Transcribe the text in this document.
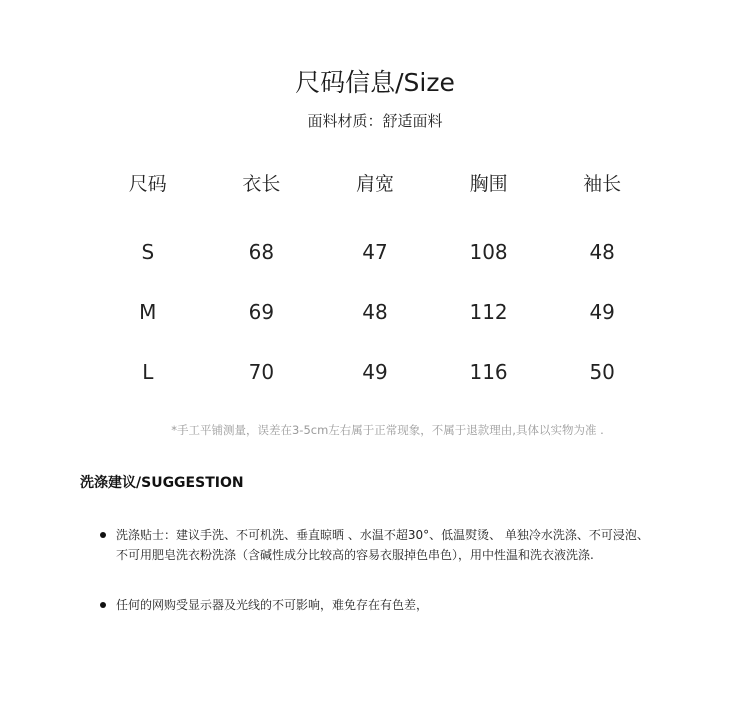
尺码信息/Size
面料材质：舒适面料
尺码	衣长	肩宽	胸围	袖长
S	68	47	108	48
M	69	48	112	49
L	70	49	116	50
*手工平铺测量，误差在3-5cm左右属于正常现象，不属于退款理由,具体以实物为准 .
洗涤建议/SUGGESTION
洗涤贴士：建议手洗、不可机洗、垂直晾晒 、水温不超30°、低温熨烫、 单独冷水洗涤、不可浸泡、
不可用肥皂洗衣粉洗涤（含碱性成分比较高的容易衣服掉色串色），用中性温和洗衣液洗涤.
任何的网购受显示器及光线的不可影响，难免存在有色差，
